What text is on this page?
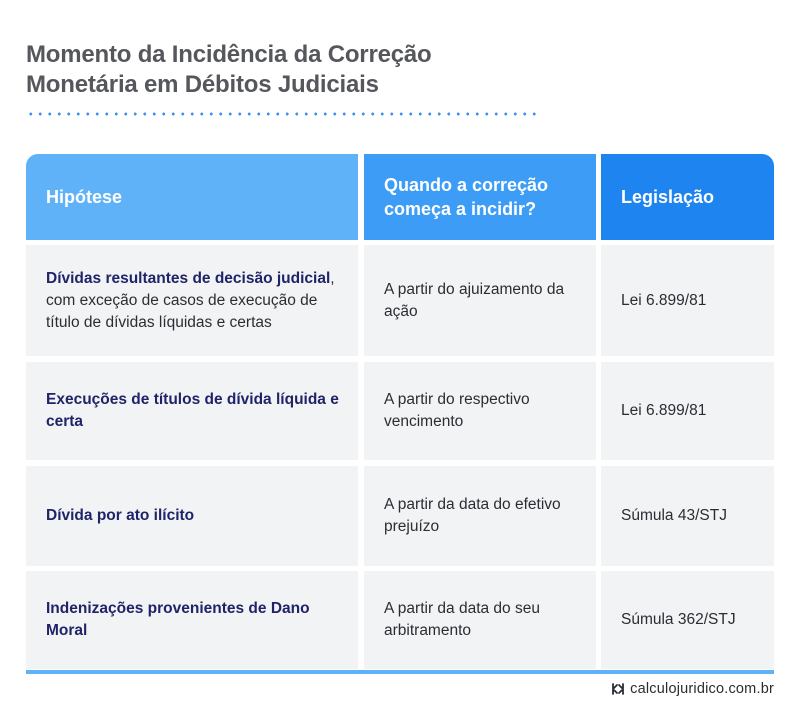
Momento da Incidência da Correção
Monetária em Débitos Judiciais
Hipótese
Quando a correção começa a incidir?
Legislação
Dívidas resultantes de decisão judicial, com exceção de casos de execução de título de dívidas líquidas e certas
A partir do ajuizamento da ação
Lei 6.899/81
Execuções de títulos de dívida líquida e certa
A partir do respectivo vencimento
Lei 6.899/81
Dívida por ato ilícito
A partir da data do efetivo prejuízo
Súmula 43/STJ
Indenizações provenientes de Dano Moral
A partir da data do seu arbitramento
Súmula 362/STJ
calculojuridico.com.br
